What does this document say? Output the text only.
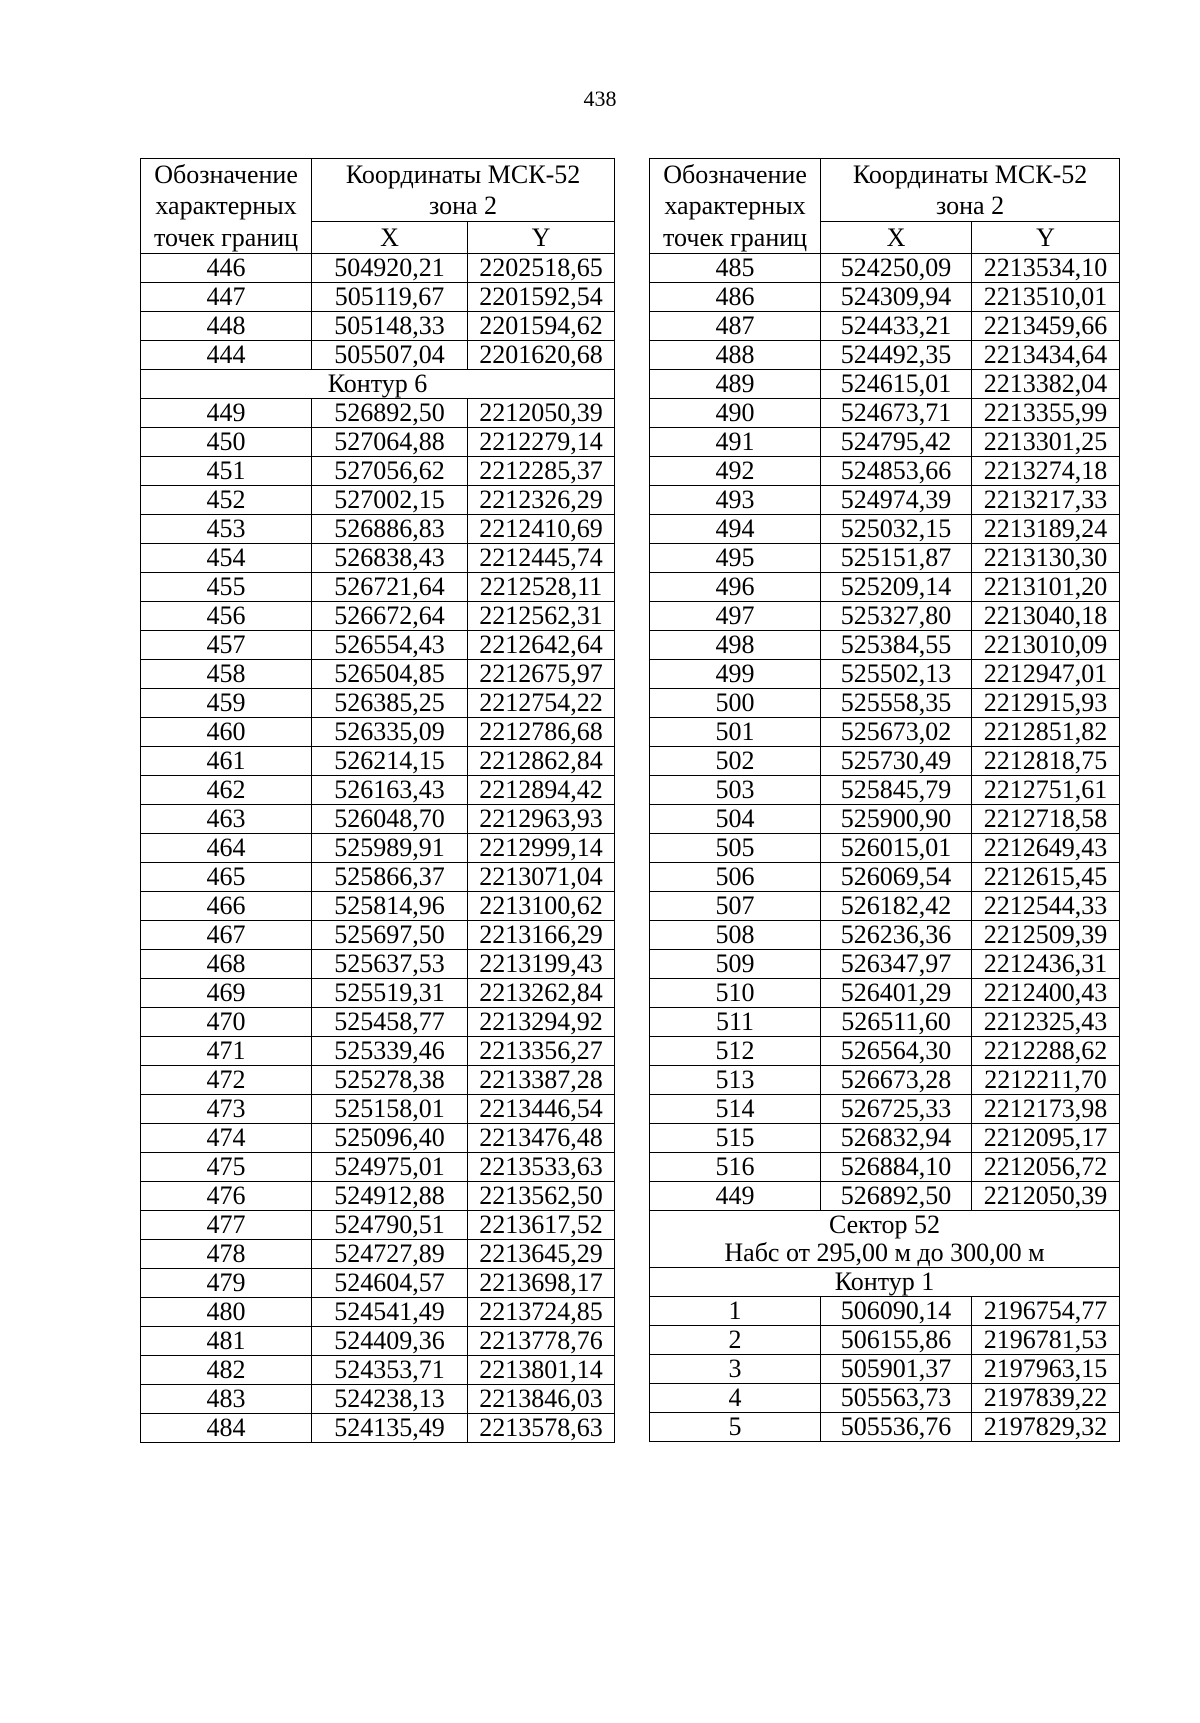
438
Обозначение	Координаты МСК-52	
характерных	зона 2	
точек границ	X	Y
446	504920,21	2202518,65
447	505119,67	2201592,54
448	505148,33	2201594,62
444	505507,04	2201620,68
Контур 6		
449	526892,50	2212050,39
450	527064,88	2212279,14
451	527056,62	2212285,37
452	527002,15	2212326,29
453	526886,83	2212410,69
454	526838,43	2212445,74
455	526721,64	2212528,11
456	526672,64	2212562,31
457	526554,43	2212642,64
458	526504,85	2212675,97
459	526385,25	2212754,22
460	526335,09	2212786,68
461	526214,15	2212862,84
462	526163,43	2212894,42
463	526048,70	2212963,93
464	525989,91	2212999,14
465	525866,37	2213071,04
466	525814,96	2213100,62
467	525697,50	2213166,29
468	525637,53	2213199,43
469	525519,31	2213262,84
470	525458,77	2213294,92
471	525339,46	2213356,27
472	525278,38	2213387,28
473	525158,01	2213446,54
474	525096,40	2213476,48
475	524975,01	2213533,63
476	524912,88	2213562,50
477	524790,51	2213617,52
478	524727,89	2213645,29
479	524604,57	2213698,17
480	524541,49	2213724,85
481	524409,36	2213778,76
482	524353,71	2213801,14
483	524238,13	2213846,03
484	524135,49	2213578,63
Обозначение	Координаты МСК-52	
характерных	зона 2	
точек границ	X	Y
485	524250,09	2213534,10
486	524309,94	2213510,01
487	524433,21	2213459,66
488	524492,35	2213434,64
489	524615,01	2213382,04
490	524673,71	2213355,99
491	524795,42	2213301,25
492	524853,66	2213274,18
493	524974,39	2213217,33
494	525032,15	2213189,24
495	525151,87	2213130,30
496	525209,14	2213101,20
497	525327,80	2213040,18
498	525384,55	2213010,09
499	525502,13	2212947,01
500	525558,35	2212915,93
501	525673,02	2212851,82
502	525730,49	2212818,75
503	525845,79	2212751,61
504	525900,90	2212718,58
505	526015,01	2212649,43
506	526069,54	2212615,45
507	526182,42	2212544,33
508	526236,36	2212509,39
509	526347,97	2212436,31
510	526401,29	2212400,43
511	526511,60	2212325,43
512	526564,30	2212288,62
513	526673,28	2212211,70
514	526725,33	2212173,98
515	526832,94	2212095,17
516	526884,10	2212056,72
449	526892,50	2212050,39
Сектор 52		
Набс от 295,00 м до 300,00 м		
Контур 1		
1	506090,14	2196754,77
2	506155,86	2196781,53
3	505901,37	2197963,15
4	505563,73	2197839,22
5	505536,76	2197829,32
